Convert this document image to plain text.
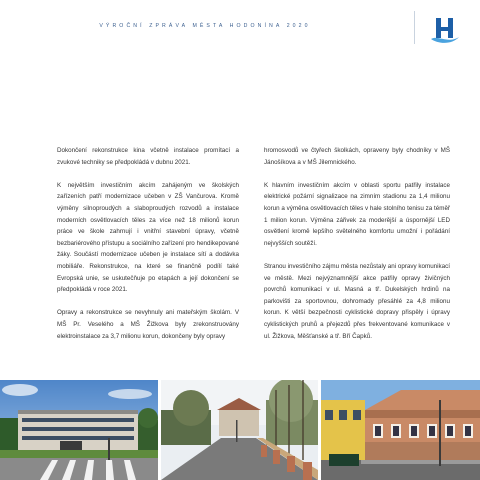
VÝROČNÍ ZPRÁVA MĚSTA HODONÍNA 2020

Dokončení rekonstrukce kina včetně instalace promítací a zvukové techniky se předpokládá v dubnu 2021.

K největším investičním akcím zahájeným ve školských zařízeních patří modernizace učeben v ZŠ Vančurova. Kromě výměny silnoproudých a slaboproudých rozvodů a instalace moderních osvětlovacích těles za více než 18 milionů korun práce ve škole zahrnují i vnitřní stavební úpravy, včetně bezbariérového přístupu a sociálního zařízení pro hendikepované žáky. Součástí modernizace učeben je instalace sítí a dodávka mobiliáře. Rekonstrukce, na které se finančně podílí také Evropská unie, se uskutečňuje po etapách a její dokončení se předpokládá v roce 2021.

Opravy a rekonstrukce se nevyhnuly ani mateřským školám. V MŠ Pr. Veselého a MŠ Žižkova byly zrekonstruovány elektroinstalace za 3,7 milionu korun, dokončeny byly opravy

hromosvodů ve čtyřech školkách, opraveny byly chodníky v MŠ Jánošíkova a v MŠ Jilemnického.

K hlavním investičním akcím v oblasti sportu patřily instalace elektrické požární signalizace na zimním stadionu za 1,4 milionu korun a výměna osvětlovacích těles v hale stolního tenisu za téměř 1 milion korun. Výměna zářivek za moderější a úspornější LED osvětlení kromě lepšího světelného komfortu umožní i pořádání nejvyšších soutěží.

Stranou investičního zájmu města nezůstaly ani opravy komunikací ve městě. Mezi nejvýznamnější akce patřily opravy živičných povrchů komunikací v ul. Masná a tř. Dukelských hrdinů na parkovišti za sportovnou, dohromady přesáhlé za 4,8 milionu korun. K větší bezpečnosti cyklistické dopravy přispěly i úpravy cyklistických pruhů a přejezdů přes frekventované komunikace v ul. Žižkova, Měšťanské a tř. Bří Čapků.
